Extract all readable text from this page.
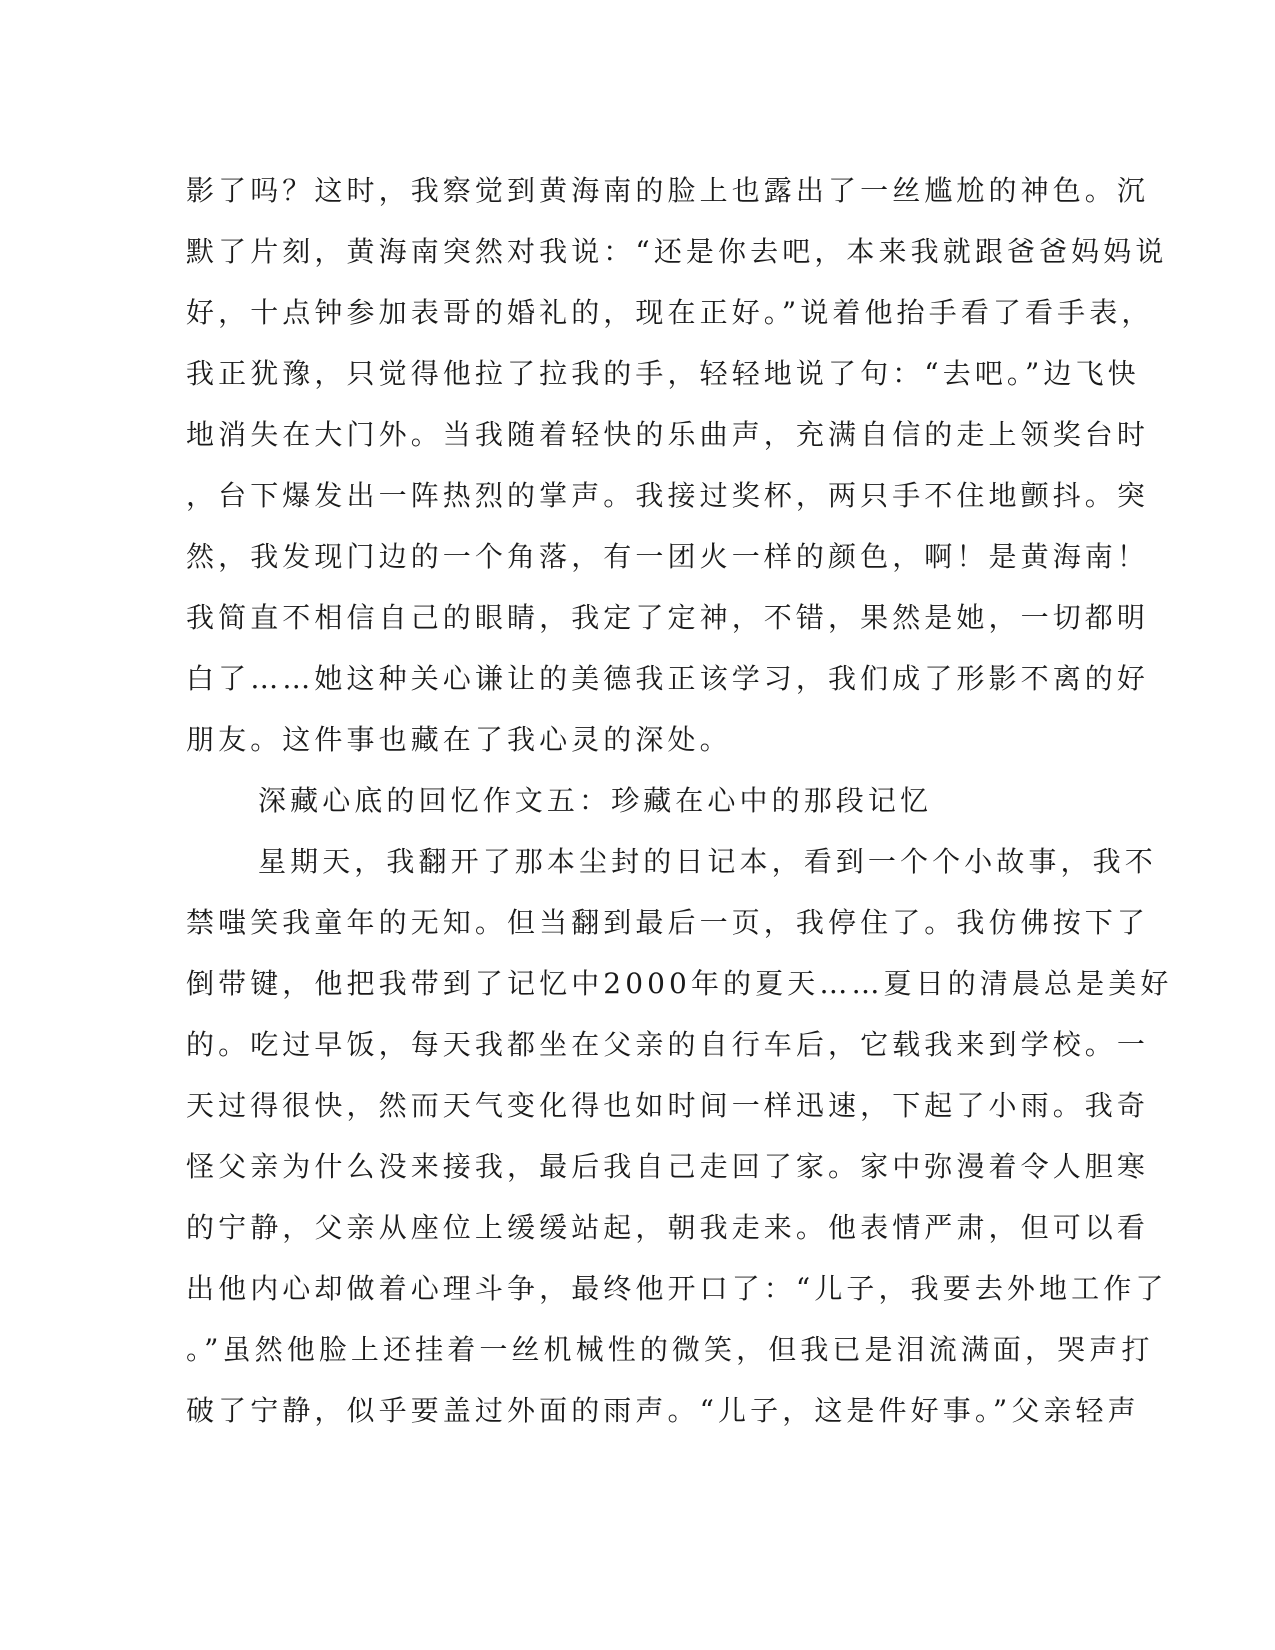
影了吗？这时，我察觉到黄海南的脸上也露出了一丝尴尬的神色。沉
默了片刻，黄海南突然对我说：“还是你去吧，本来我就跟爸爸妈妈说
好，十点钟参加表哥的婚礼的，现在正好。”说着他抬手看了看手表，
我正犹豫，只觉得他拉了拉我的手，轻轻地说了句：“去吧。”边飞快
地消失在大门外。当我随着轻快的乐曲声，充满自信的走上领奖台时
，台下爆发出一阵热烈的掌声。我接过奖杯，两只手不住地颤抖。突
然，我发现门边的一个角落，有一团火一样的颜色，啊！是黄海南！
我简直不相信自己的眼睛，我定了定神，不错，果然是她，一切都明
白了……她这种关心谦让的美德我正该学习，我们成了形影不离的好
朋友。这件事也藏在了我心灵的深处。
深藏心底的回忆作文五：珍藏在心中的那段记忆
星期天，我翻开了那本尘封的日记本，看到一个个小故事，我不
禁嗤笑我童年的无知。但当翻到最后一页，我停住了。我仿佛按下了
倒带键，他把我带到了记忆中2000年的夏天……夏日的清晨总是美好
的。吃过早饭，每天我都坐在父亲的自行车后，它载我来到学校。一
天过得很快，然而天气变化得也如时间一样迅速，下起了小雨。我奇
怪父亲为什么没来接我，最后我自己走回了家。家中弥漫着令人胆寒
的宁静，父亲从座位上缓缓站起，朝我走来。他表情严肃，但可以看
出他内心却做着心理斗争，最终他开口了：“儿子，我要去外地工作了
。”虽然他脸上还挂着一丝机械性的微笑，但我已是泪流满面，哭声打
破了宁静，似乎要盖过外面的雨声。“儿子，这是件好事。”父亲轻声
